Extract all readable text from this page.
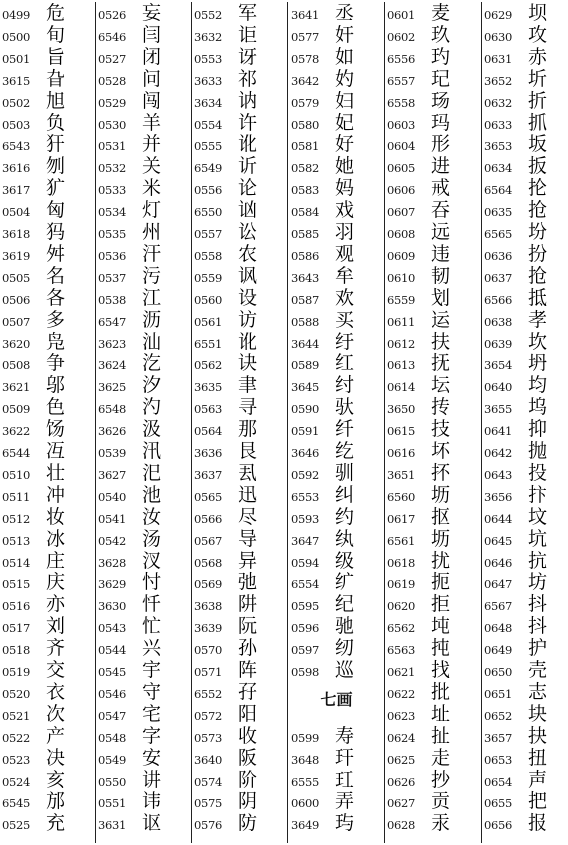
0499 危
0500 旬
0501 旨
3615 旮
0502 旭
0503 负
6543 犴
3616 刎
3617 犷
0504 匈
3618 犸
3619 舛
0505 名
0506 各
0507 多
3620 凫
0508 争
3621 邬
0509 色
3622 饧
6544 冱
0510 壮
0511 冲
0512 妆
0513 冰
0514 庄
0515 庆
0516 亦
0517 刘
0518 齐
0519 交
0520 衣
0521 次
0522 产
0523 决
0524 亥
6545 邡
0525 充
0526 妄
6546 闫
0527 闭
0528 问
0529 闯
0530 羊
0531 并
0532 关
0533 米
0534 灯
0535 州
0536 汗
0537 污
0538 江
6547 沥
3623 汕
3624 汔
3625 汐
6548 汋
3626 汲
0539 汛
3627 汜
0540 池
0541 汝
0542 汤
3628 汊
3629 忖
3630 忏
0543 忙
0544 兴
0545 宇
0546 守
0547 宅
0548 字
0549 安
0550 讲
0551 讳
3631 讴
0552 军
3632 讵
0553 讶
3633 祁
3634 讷
0554 许
0555 讹
6549 䜣
0556 论
6550 讻
0557 讼
0558 农
0559 讽
0560 设
0561 访
6551 讹
0562 诀
3635 聿
0563 寻
0564 那
3636 艮
3637 厾
0565 迅
0566 尽
0567 导
0568 异
0569 弛
3638 阱
3639 阮
0570 孙
0571 阵
6552 孖
0572 阳
0573 收
3640 阪
0574 阶
0575 阴
0576 防
3641 丞
0577 奸
0578 如
3642 妁
0579 妇
0580 妃
0581 好
0582 她
0583 妈
0584 戏
0585 羽
0586 观
3643 牟
0587 欢
0588 买
3644 纡
0589 红
3645 纣
0590 驮
0591 纤
3646 纥
0592 驯
6553 纠
0593 约
3647 纨
0594 级
6554 纩
0595 纪
0596 驰
0597 纫
0598 巡
七画
0599 寿
3648 玕
6555 玒
0600 弄
3649 玙
0601 麦
0602 玖
6556 玓
6557 玘
6558 玚
0603 玛
0604 形
0605 进
0606 戒
0607 吞
0608 远
0609 违
0610 韧
6559 划
0611 运
0612 扶
0613 抚
0614 坛
3650 抟
0615 技
0616 坏
3651 抔
6560 坜
0617 抠
6561 坜
0618 扰
0619 扼
0620 拒
6562 坉
6563 扽
0621 找
0622 批
0623 址
0624 扯
0625 走
0626 抄
0627 贡
0628 汞
0629 坝
0630 攻
0631 赤
3652 圻
0632 折
0633 抓
3653 坂
0634 扳
6564 抡
0635 抢
6565 坋
0636 扮
0637 抢
6566 抵
0638 孝
0639 坎
3654 坍
0640 均
3655 坞
0641 抑
0642 抛
0643 投
3656 抃
0644 坟
0645 坑
0646 抗
0647 坊
6567 抖
0648 抖
0649 护
0650 壳
0651 志
0652 块
3657 抉
0653 扭
0654 声
0655 把
0656 报
